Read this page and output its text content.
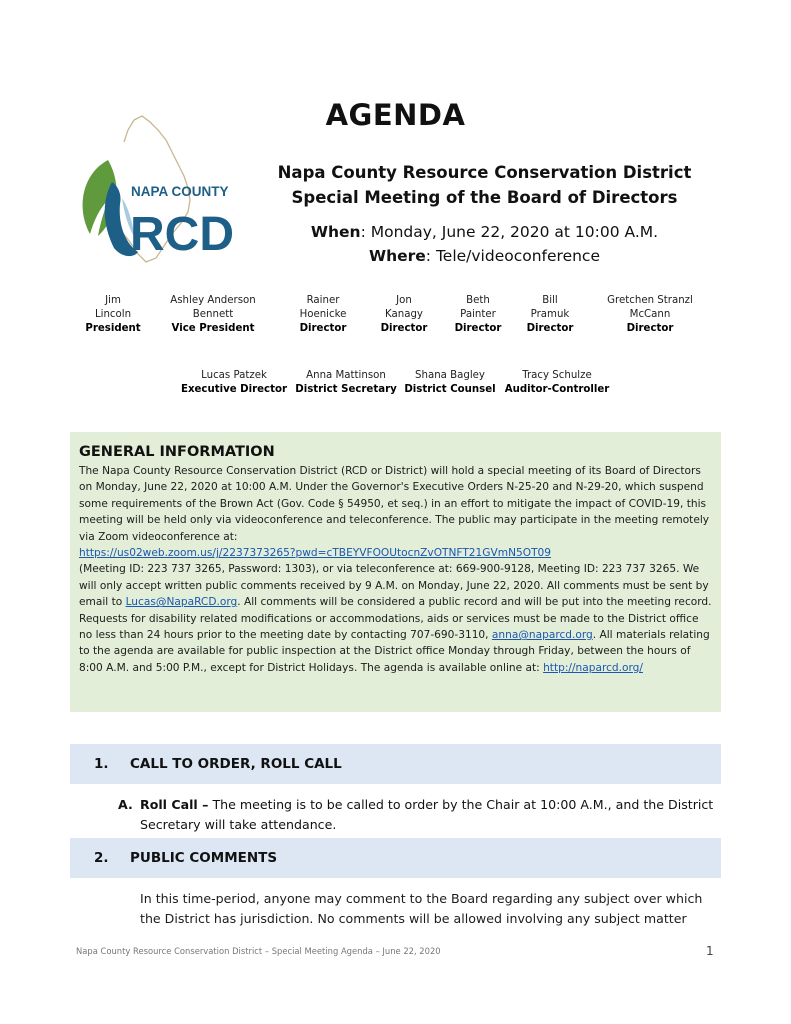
AGENDA
NAPA COUNTY
RCD
Napa County Resource Conservation District
Special Meeting of the Board of Directors
When: Monday, June 22, 2020 at 10:00 A.M.
Where: Tele/videoconference
Jim
Lincoln
President
Ashley Anderson
Bennett
Vice President
Rainer
Hoenicke
Director
Jon
Kanagy
Director
Beth
Painter
Director
Bill
Pramuk
Director
Gretchen Stranzl
McCann
Director
Lucas Patzek
Executive Director
Anna Mattinson
District Secretary
Shana Bagley
District Counsel
Tracy Schulze
Auditor-Controller
GENERAL INFORMATION
The Napa County Resource Conservation District (RCD or District) will hold a special meeting of its Board of Directors on Monday, June 22, 2020 at 10:00 A.M. Under the Governor's Executive Orders N-25-20 and N-29-20, which suspend some requirements of the Brown Act (Gov. Code § 54950, et seq.) in an effort to mitigate the impact of COVID-19, this meeting will be held only via videoconference and teleconference. The public may participate in the meeting remotely via Zoom videoconference at:
https://us02web.zoom.us/j/2237373265?pwd=cTBEYVFOOUtocnZvOTNFT21GVmN5OT09
(Meeting ID: 223 737 3265, Password: 1303), or via teleconference at: 669-900-9128, Meeting ID: 223 737 3265. We will only accept written public comments received by 9 A.M. on Monday, June 22, 2020. All comments must be sent by email to Lucas@NapaRCD.org. All comments will be considered a public record and will be put into the meeting record. Requests for disability related modifications or accommodations, aids or services must be made to the District office no less than 24 hours prior to the meeting date by contacting 707-690-3110, anna@naparcd.org. All materials relating to the agenda are available for public inspection at the District office Monday through Friday, between the hours of 8:00 A.M. and 5:00 P.M., except for District Holidays. The agenda is available online at: http://naparcd.org/
1. CALL TO ORDER, ROLL CALL
A. Roll Call – The meeting is to be called to order by the Chair at 10:00 A.M., and the District
Secretary will take attendance.
2. PUBLIC COMMENTS
In this time-period, anyone may comment to the Board regarding any subject over which
the District has jurisdiction. No comments will be allowed involving any subject matter
Napa County Resource Conservation District – Special Meeting Agenda – June 22, 2020	1
